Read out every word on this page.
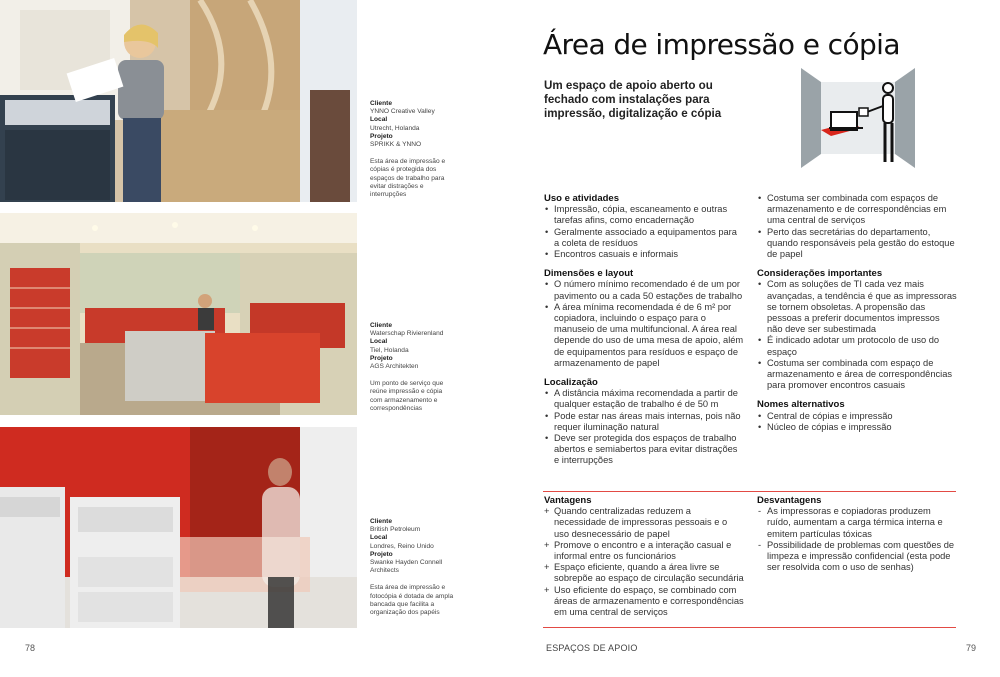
Cliente
YNNO Creative Valley
Local
Utrecht, Holanda
Projeto
SPRIKK & YNNO
Esta área de impressão e cópias é protegida dos espaços de trabalho para evitar distrações e interrupções
Cliente
Waterschap Rivierenland
Local
Tiel, Holanda
Projeto
AGS Architekten
Um ponto de serviço que reúne impressão e cópia com armazenamento e correspondências
Cliente
British Petroleum
Local
Londres, Reino Unido
Projeto
Swanke Hayden Connell Architects
Esta área de impressão e fotocópia é dotada de ampla bancada que facilita a organização dos papéis
78
Área de impressão e cópia
Um espaço de apoio aberto ou fechado com instalações para impressão, digitalização e cópia
Uso e atividades
• Impressão, cópia, escaneamento e outras tarefas afins, como encadernação
• Geralmente associado a equipamentos para a coleta de resíduos
• Encontros casuais e informais
Dimensões e layout
• O número mínimo recomendado é de um por pavimento ou a cada 50 estações de trabalho
• A área mínima recomendada é de 6 m² por copiadora, incluindo o espaço para o manuseio de uma multifuncional. A área real depende do uso de uma mesa de apoio, além de equipamentos para resíduos e espaço de armazenamento de papel
Localização
• A distância máxima recomendada a partir de qualquer estação de trabalho é de 50 m
• Pode estar nas áreas mais internas, pois não requer iluminação natural
• Deve ser protegida dos espaços de trabalho abertos e semiabertos para evitar distrações e interrupções
• Costuma ser combinada com espaços de armazenamento e de correspondências em uma central de serviços
• Perto das secretárias do departamento, quando responsáveis pela gestão do estoque de papel
Considerações importantes
• Com as soluções de TI cada vez mais avançadas, a tendência é que as impressoras se tornem obsoletas. A propensão das pessoas a preferir documentos impressos não deve ser subestimada
• É indicado adotar um protocolo de uso do espaço
• Costuma ser combinada com espaço de armazenamento e área de correspondências para promover encontros casuais
Nomes alternativos
• Central de cópias e impressão
• Núcleo de cópias e impressão
Vantagens
+ Quando centralizadas reduzem a necessidade de impressoras pessoais e o uso desnecessário de papel
+ Promove o encontro e a interação casual e informal entre os funcionários
+ Espaço eficiente, quando a área livre se sobrepõe ao espaço de circulação secundária
+ Uso eficiente do espaço, se combinado com áreas de armazenamento e correspondências em uma central de serviços
Desvantagens
- As impressoras e copiadoras produzem ruído, aumentam a carga térmica interna e emitem partículas tóxicas
- Possibilidade de problemas com questões de limpeza e impressão confidencial (esta pode ser resolvida com o uso de senhas)
ESPAÇOS DE APOIO	79
